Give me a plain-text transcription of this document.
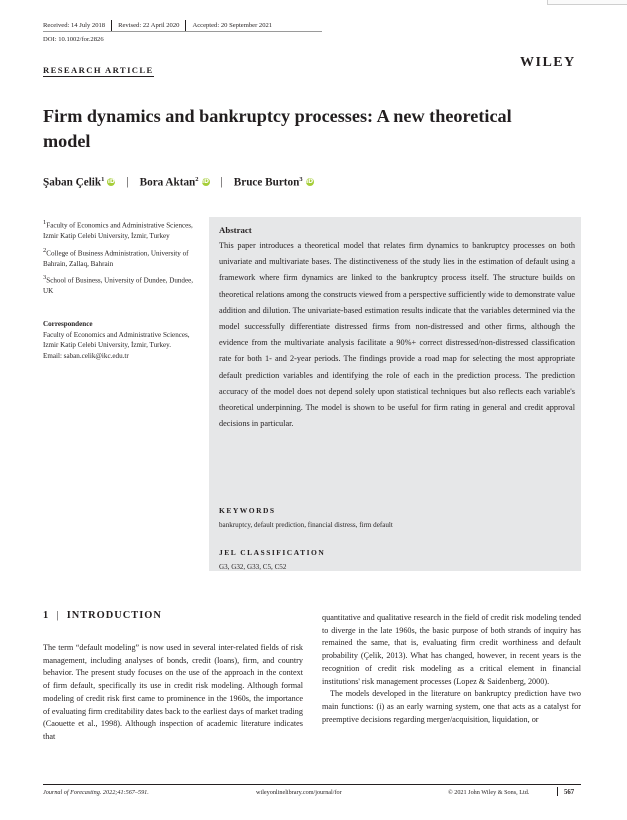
Received: 14 July 2018 Revised: 22 April 2020 Accepted: 20 September 2021
DOI: 10.1002/for.2826
RESEARCH ARTICLE	WILEY
Firm dynamics and bankruptcy processes: A new theoretical model
Şaban Çelik$^1$ iD | Bora Aktan$^2$ iD | Bruce Burton$^3$ iD

$^1$Faculty of Economics and Administrative Sciences, Izmir Katip Celebi University, İzmir, Turkey

$^2$College of Business Administration, University of Bahrain, Zallaq, Bahrain

$^3$School of Business, University of Dundee, Dundee, UK

Correspondence
Faculty of Economics and Administrative Sciences, Izmir Katip Celebi University, İzmir, Turkey.
Email: saban.celik@ikc.edu.tr
Abstract
This paper introduces a theoretical model that relates firm dynamics to bankruptcy processes on both univariate and multivariate bases. The distinctiveness of the study lies in the estimation of default using a framework where firm dynamics are linked to the bankruptcy process itself. The structure builds on theoretical relations among the constructs viewed from a perspective sufficiently wide to demonstrate value addition and dilution. The univariate-based estimation results indicate that the variables determined via the model successfully differentiate distressed firms from non-distressed and other firms, although the evidence from the multivariate analysis facilitate a 90%+ correct distressed/non-distressed classification rate for both 1- and 2-year periods. The findings provide a road map for selecting the most appropriate default prediction variables and identifying the role of each in the prediction process. The prediction accuracy of the model does not depend solely upon statistical techniques but also reflects each variable's theoretical underpinning. The model is shown to be useful for firm rating in general and credit approval decisions in particular.
KEYWORDS
bankruptcy, default prediction, financial distress, firm default
JEL CLASSIFICATION
G3, G32, G33, C5, C52
1 | INTRODUCTION

The term “default modeling” is now used in several inter-related fields of risk management, including analyses of bonds, credit (loans), firm, and country behavior. The present study focuses on the use of the approach in the context of firm default, specifically its use in credit risk modeling. Although formal modeling of credit risk first came to prominence in the 1960s, the importance of evaluating firm creditability dates back to the earliest days of market trading (Caouette et al., 1998). Although inspection of academic literature indicates that

quantitative and qualitative research in the field of credit risk modeling tended to diverge in the late 1960s, the basic purpose of both strands of inquiry has remained the same, that is, evaluating firm credit worthiness and default probability (Çelik, 2013). What has changed, however, in recent years is the recognition of credit risk modeling as a critical element in financial institutions' risk management processes (Lopez & Saidenberg, 2000).

The models developed in the literature on bankruptcy prediction have two main functions: (i) as an early warning system, one that acts as a catalyst for preemptive decisions regarding merger/acquisition, liquidation, or

Journal of Forecasting. 2022;41:567–591.	wileyonlinelibrary.com/journal/for	© 2021 John Wiley & Sons, Ltd.	567
